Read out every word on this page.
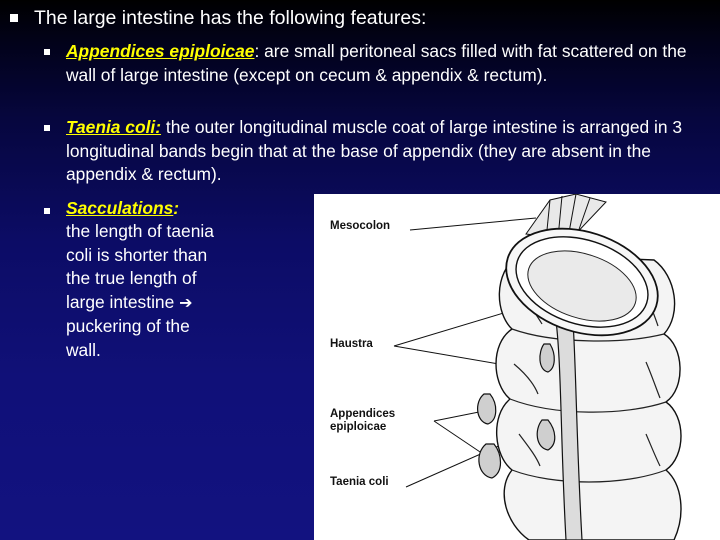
The large intestine has the following features:
Appendices epiploicae: are small peritoneal sacs filled with fat scattered on the wall of large intestine (except on cecum & appendix & rectum).
Taenia coli: the outer longitudinal muscle coat of large intestine is arranged in 3 longitudinal bands begin that at the base of appendix (they are absent in the appendix & rectum).
Sacculations:
the length of taenia coli is shorter than the true length of large intestine ➔ puckering of the wall.
Mesocolon
Haustra
Appendices epiploicae
Taenia coli
